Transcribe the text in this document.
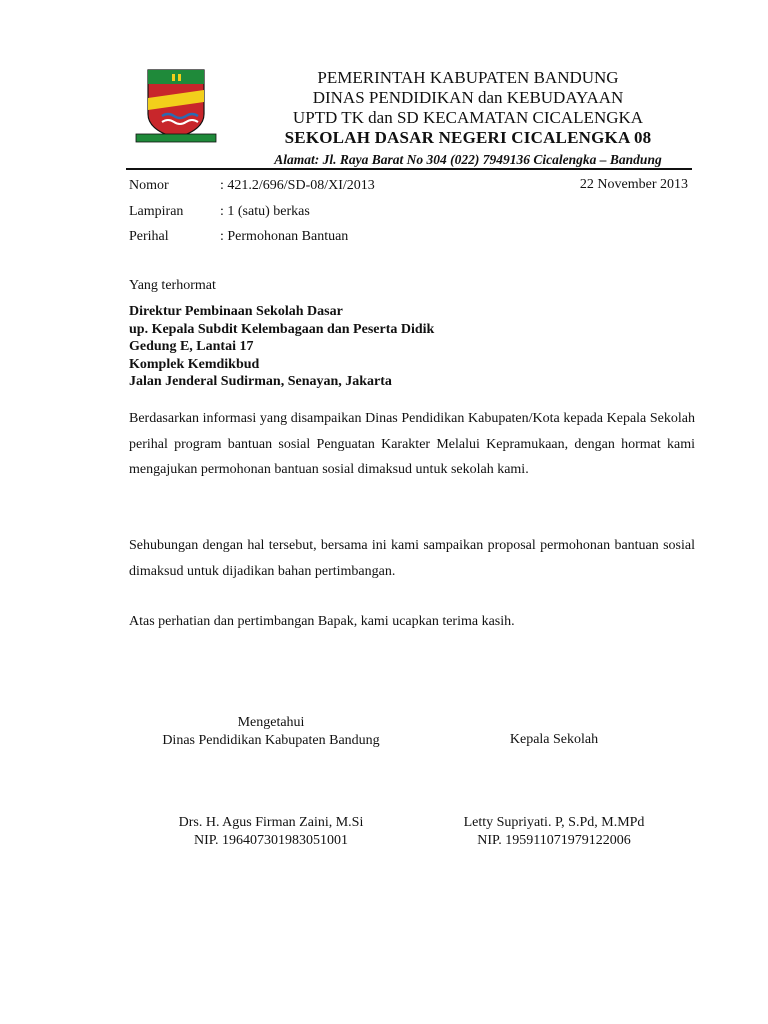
PEMERINTAH KABUPATEN BANDUNG
DINAS PENDIDIKAN dan KEBUDAYAAN
UPTD TK dan SD KECAMATAN CICALENGKA
SEKOLAH DASAR NEGERI CICALENGKA 08
Alamat: Jl. Raya Barat No 304 (022) 7949136 Cicalengka – Bandung
Nomor	: 421.2/696/SD-08/XI/2013	22 November 2013
Lampiran	: 1 (satu) berkas
Perihal	: Permohonan Bantuan
Yang terhormat
Direktur Pembinaan Sekolah Dasar
up. Kepala Subdit Kelembagaan dan Peserta Didik
Gedung E, Lantai 17
Komplek Kemdikbud
Jalan Jenderal Sudirman, Senayan, Jakarta
Berdasarkan informasi yang disampaikan Dinas Pendidikan Kabupaten/Kota kepada Kepala Sekolah perihal program bantuan sosial Penguatan Karakter Melalui Kepramukaan, dengan hormat kami mengajukan permohonan bantuan sosial dimaksud untuk sekolah kami.
Sehubungan dengan hal tersebut, bersama ini kami sampaikan proposal permohonan bantuan sosial dimaksud untuk dijadikan bahan pertimbangan.
Atas perhatian dan pertimbangan Bapak, kami ucapkan terima kasih.
Mengetahui
Dinas Pendidikan Kabupaten Bandung	Kepala Sekolah
Drs. H. Agus Firman Zaini, M.Si
NIP. 196407301983051001
Letty Supriyati. P, S.Pd, M.MPd
NIP. 195911071979122006
